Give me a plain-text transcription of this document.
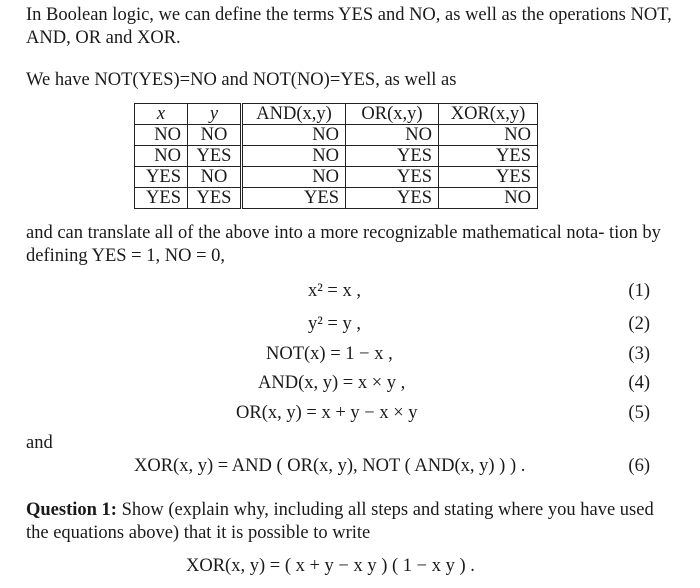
In Boolean logic, we can define the terms YES and NO, as well as the operations NOT, AND, OR and XOR.
We have NOT(YES)=NO and NOT(NO)=YES, as well as
x	y	AND(x,y)	OR(x,y)	XOR(x,y)
NO	NO	NO	NO	NO
NO	YES	NO	YES	YES
YES	NO	NO	YES	YES
YES	YES	YES	YES	NO
and can translate all of the above into a more recognizable mathematical nota- tion by defining YES = 1, NO = 0,
x² = x ,	(1)
y² = y ,	(2)
NOT(x) = 1 − x ,	(3)
AND(x, y) = x × y ,	(4)
OR(x, y) = x + y − x × y	(5)
and
XOR(x, y) = AND ( OR(x, y), NOT ( AND(x, y) ) ) .	(6)
Question 1: Show (explain why, including all steps and stating where you have used the equations above) that it is possible to write
XOR(x, y) = ( x + y − x y ) ( 1 − x y ) .
